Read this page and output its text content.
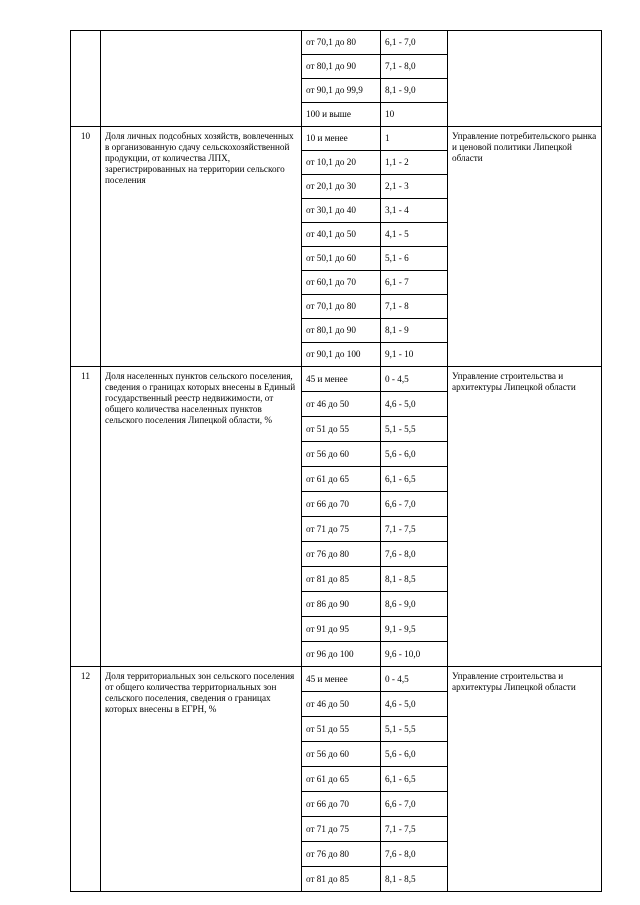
		от 70,1 до 80	6,1 - 7,0	
		от 80,1 до 90	7,1 - 8,0	
		от 90,1 до 99,9	8,1 - 9,0	
		100 и выше	10	
10	Доля личных подсобных хозяйств, вовлеченных в организованную сдачу сельскохозяйственной продукции, от количества ЛПХ, зарегистрированных на территории сельского поселения	10 и менее	1	Управление потребительского рынка и ценовой политики Липецкой области
		от 10,1 до 20	1,1 - 2	
		от 20,1 до 30	2,1 - 3	
		от 30,1 до 40	3,1 - 4	
		от 40,1 до 50	4,1 - 5	
		от 50,1 до 60	5,1 - 6	
		от 60,1 до 70	6,1 - 7	
		от 70,1 до 80	7,1 - 8	
		от 80,1 до 90	8,1 - 9	
		от 90,1 до 100	9,1 - 10	
11	Доля населенных пунктов сельского поселения, сведения о границах которых внесены в Единый государственный реестр недвижимости, от общего количества населенных пунктов сельского поселения Липецкой области, %	45 и менее	0 - 4,5	Управление строительства и архитектуры Липецкой области
		от 46 до 50	4,6 - 5,0	
		от 51 до 55	5,1 - 5,5	
		от 56 до 60	5,6 - 6,0	
		от 61 до 65	6,1 - 6,5	
		от 66 до 70	6,6 - 7,0	
		от 71 до 75	7,1 - 7,5	
		от 76 до 80	7,6 - 8,0	
		от 81 до 85	8,1 - 8,5	
		от 86 до 90	8,6 - 9,0	
		от 91 до 95	9,1 - 9,5	
		от 96 до 100	9,6 - 10,0	
12	Доля территориальных зон сельского поселения от общего количества территориальных зон сельского поселения, сведения о границах которых внесены в ЕГРН, %	45 и менее	0 - 4,5	Управление строительства и архитектуры Липецкой области
		от 46 до 50	4,6 - 5,0	
		от 51 до 55	5,1 - 5,5	
		от 56 до 60	5,6 - 6,0	
		от 61 до 65	6,1 - 6,5	
		от 66 до 70	6,6 - 7,0	
		от 71 до 75	7,1 - 7,5	
		от 76 до 80	7,6 - 8,0	
		от 81 до 85	8,1 - 8,5	
